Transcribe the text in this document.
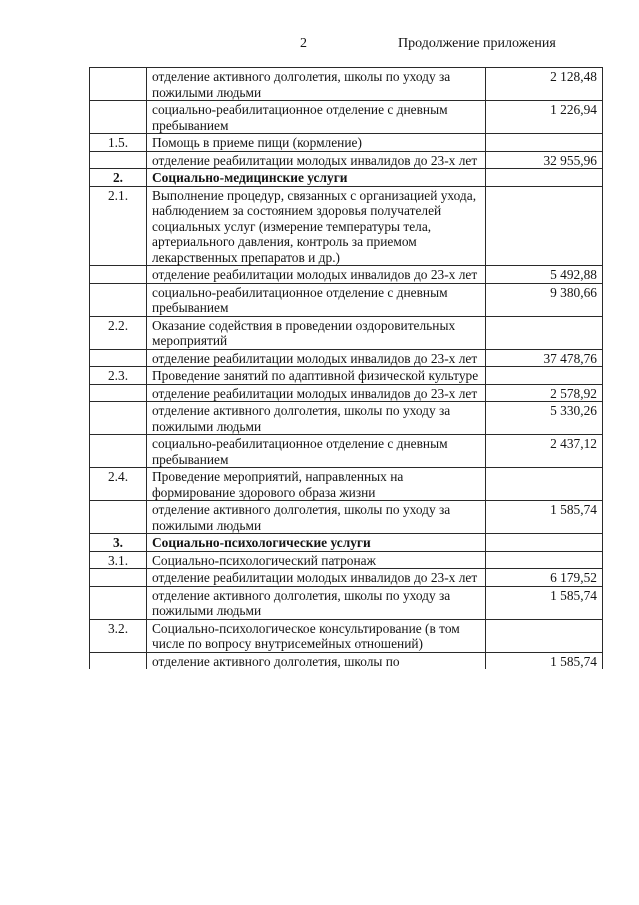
2	Продолжение приложения
	отделение активного долголетия, школы по уходу за пожилыми людьми	2 128,48
	социально-реабилитационное отделение с дневным пребыванием	1 226,94
1.5.	Помощь в приеме пищи (кормление)	
	отделение реабилитации молодых инвалидов до 23-х лет	32 955,96
2.	Социально-медицинские услуги	
2.1.	Выполнение процедур, связанных с организацией ухода, наблюдением за состоянием здоровья получателей социальных услуг (измерение температуры тела, артериального давления, контроль за приемом лекарственных препаратов и др.)	
	отделение реабилитации молодых инвалидов до 23-х лет	5 492,88
	социально-реабилитационное отделение с дневным пребыванием	9 380,66
2.2.	Оказание содействия в проведении оздоровительных мероприятий	
	отделение реабилитации молодых инвалидов до 23-х лет	37 478,76
2.3.	Проведение занятий по адаптивной физической культуре	
	отделение реабилитации молодых инвалидов до 23-х лет	2 578,92
	отделение активного долголетия, школы по уходу за пожилыми людьми	5 330,26
	социально-реабилитационное отделение с дневным пребыванием	2 437,12
2.4.	Проведение мероприятий, направленных на формирование здорового образа жизни	
	отделение активного долголетия, школы по уходу за пожилыми людьми	1 585,74
3.	Социально-психологические услуги	
3.1.	Социально-психологический патронаж	
	отделение реабилитации молодых инвалидов до 23-х лет	6 179,52
	отделение активного долголетия, школы по уходу за пожилыми людьми	1 585,74
3.2.	Социально-психологическое консультирование (в том числе по вопросу внутрисемейных отношений)	
	отделение активного долголетия, школы по	1 585,74
